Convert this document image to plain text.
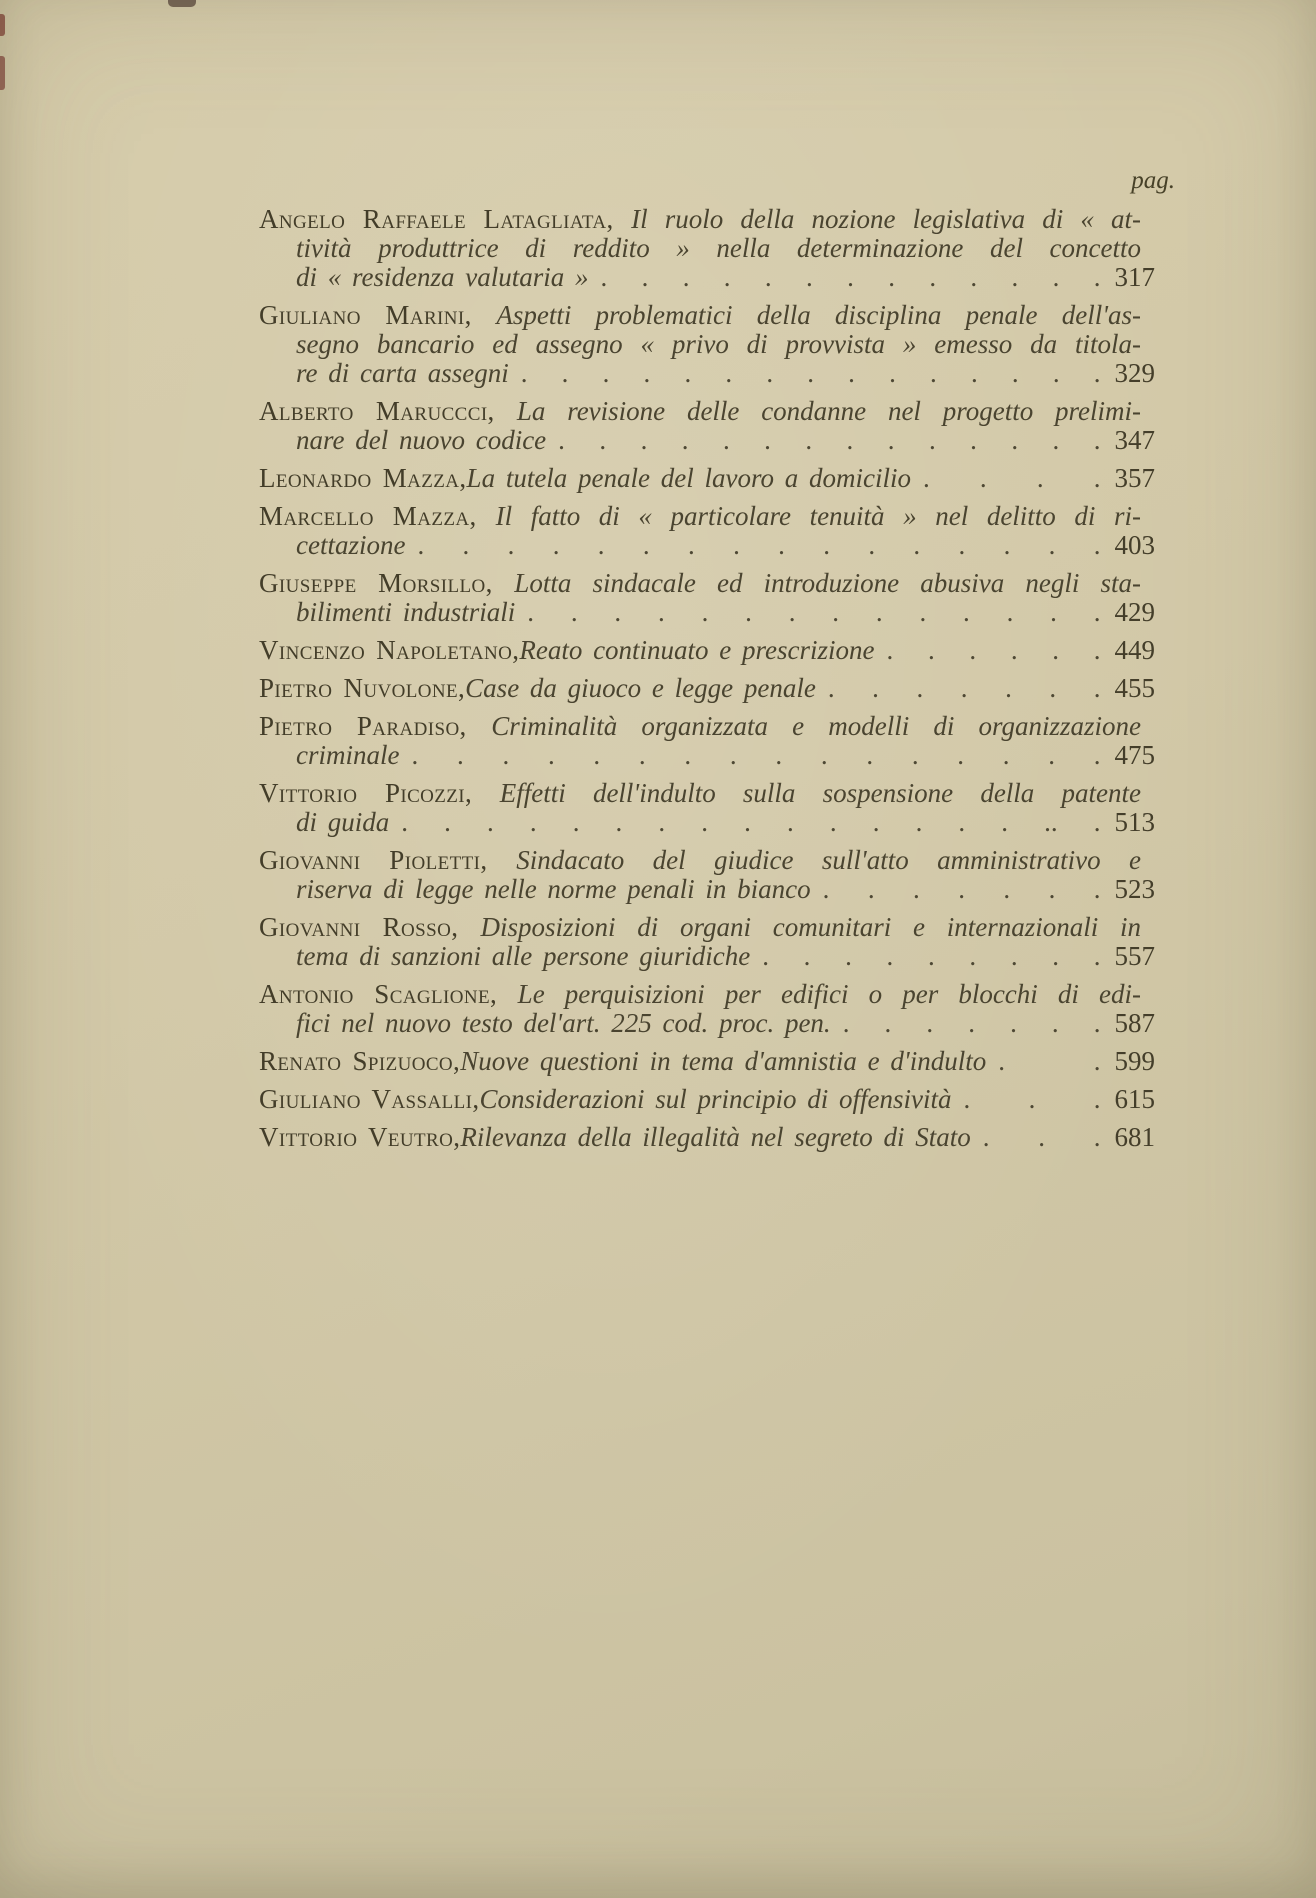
pag.
Angelo Raffaele Latagliata, Il ruolo della nozione legislativa di « at-
tività produttrice di reddito » nella determinazione del concetto
di « residenza valutaria » . . . . . . . . . . . . . 317
Giuliano Marini, Aspetti problematici della disciplina penale dell'as-
segno bancario ed assegno « privo di provvista » emesso da titola-
re di carta assegni . . . . . . . . . . . . . . . 329
Alberto Maruccci, La revisione delle condanne nel progetto prelimi-
nare del nuovo codice . . . . . . . . . . . . . . 347
Leonardo Mazza, La tutela penale del lavoro a domicilio . . . . 357
Marcello Mazza, Il fatto di « particolare tenuità » nel delitto di ri-
cettazione . . . . . . . . . . . . . . . . 403
Giuseppe Morsillo, Lotta sindacale ed introduzione abusiva negli sta-
bilimenti industriali . . . . . . . . . . . . . . 429
Vincenzo Napoletano, Reato continuato e prescrizione . . . . . . 449
Pietro Nuvolone, Case da giuoco e legge penale . . . . . . . 455
Pietro Paradiso, Criminalità organizzata e modelli di organizzazione
criminale . . . . . . . . . . . . . . . . 475
Vittorio Picozzi, Effetti dell'indulto sulla sospensione della patente
di guida . . . . . . . . . . . . . . . .. . 513
Giovanni Pioletti, Sindacato del giudice sull'atto amministrativo e
riserva di legge nelle norme penali in bianco . . . . . . . 523
Giovanni Rosso, Disposizioni di organi comunitari e internazionali in
tema di sanzioni alle persone giuridiche . . . . . . . . . 557
Antonio Scaglione, Le perquisizioni per edifici o per blocchi di edi-
fici nel nuovo testo del'art. 225 cod. proc. pen. . . . . . . . 587
Renato Spizuoco, Nuove questioni in tema d'amnistia e d'indulto . . 599
Giuliano Vassalli, Considerazioni sul principio di offensività . . . 615
Vittorio Veutro, Rilevanza della illegalità nel segreto di Stato . . . 681
